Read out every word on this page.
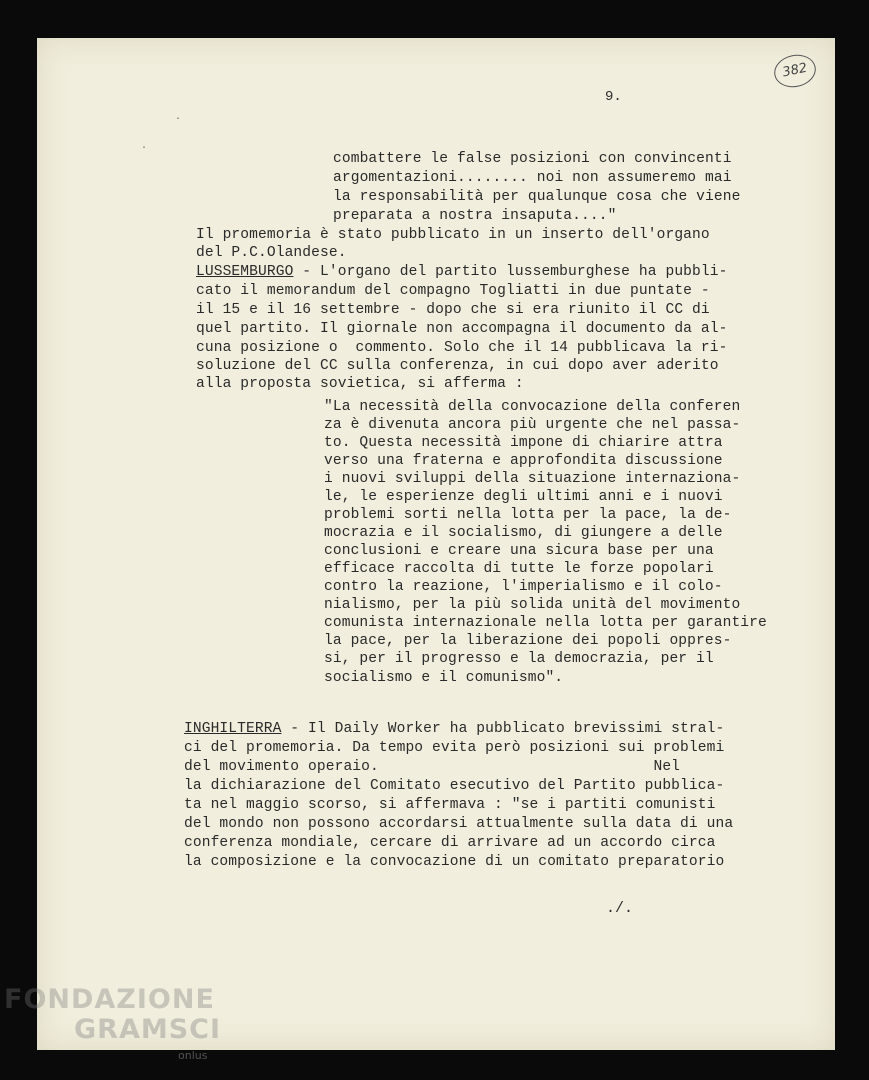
382
9.
·
·

combattere le false posizioni con convincenti

argomentazioni........ noi non assumeremo mai

la responsabilità per qualunque cosa che viene

preparata a nostra insaputa...."

Il promemoria è stato pubblicato in un inserto dell'organo

del P.C.Olandese.

LUSSEMBURGO - L'organo del partito lussemburghese ha pubbli-

cato il memorandum del compagno Togliatti in due puntate -

il 15 e il 16 settembre - dopo che si era riunito il CC di

quel partito. Il giornale non accompagna il documento da al-

cuna posizione o  commento. Solo che il 14 pubblicava la ri-

soluzione del CC sulla conferenza, in cui dopo aver aderito

alla proposta sovietica, si afferma :

"La necessità della convocazione della conferen

za è divenuta ancora più urgente che nel passa-

to. Questa necessità impone di chiarire attra

verso una fraterna e approfondita discussione

i nuovi sviluppi della situazione internaziona-

le, le esperienze degli ultimi anni e i nuovi

problemi sorti nella lotta per la pace, la de-

mocrazia e il socialismo, di giungere a delle

conclusioni e creare una sicura base per una

efficace raccolta di tutte le forze popolari

contro la reazione, l'imperialismo e il colo-

nialismo, per la più solida unità del movimento

comunista internazionale nella lotta per garantire

la pace, per la liberazione dei popoli oppres-

si, per il progresso e la democrazia, per il

socialismo e il comunismo".

INGHILTERRA - Il Daily Worker ha pubblicato brevissimi stral-

ci del promemoria. Da tempo evita però posizioni sui problemi

del movimento operaio.                               Nel

la dichiarazione del Comitato esecutivo del Partito pubblica-

ta nel maggio scorso, si affermava : "se i partiti comunisti

del mondo non possono accordarsi attualmente sulla data di una

conferenza mondiale, cercare di arrivare ad un accordo circa

la composizione e la convocazione di un comitato preparatorio

./.
FONDAZIONE
GRAMSCI
onlus
